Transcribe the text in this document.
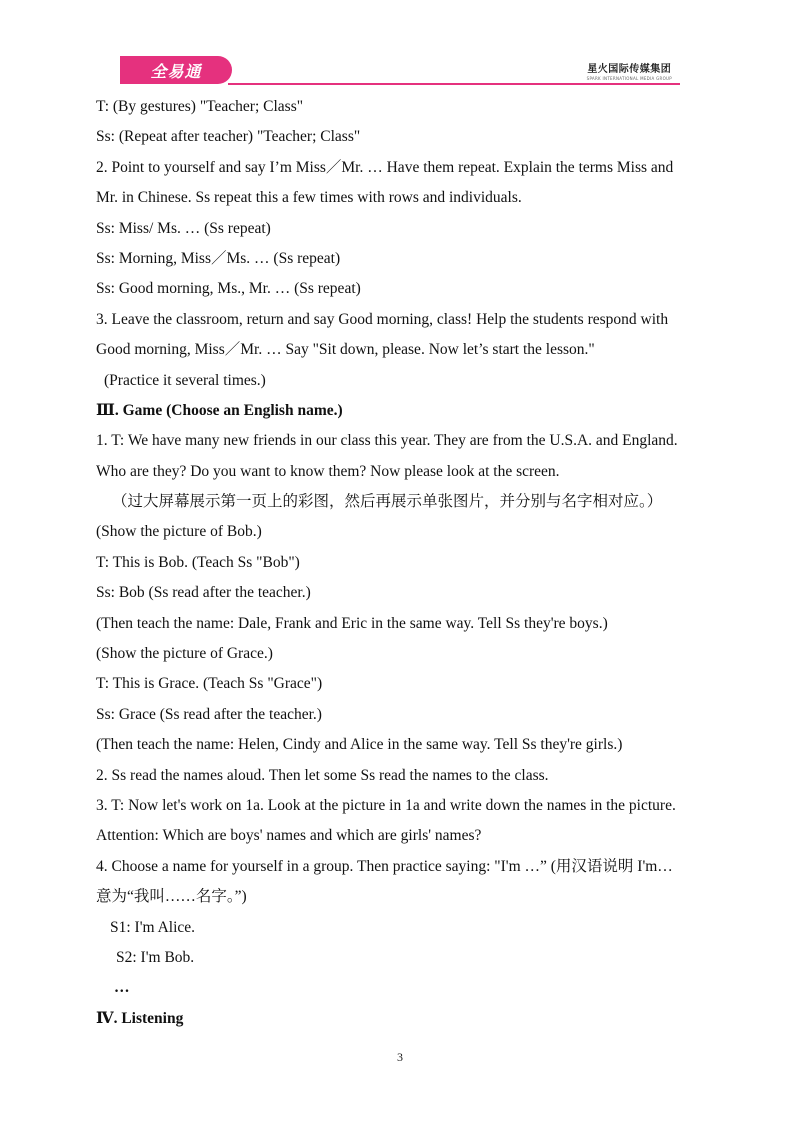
全易通	星火国际传媒集团
SPARK INTERNATIONAL MEDIA GROUP
T: (By gestures) "Teacher; Class"
Ss: (Repeat after teacher) "Teacher; Class"
2. Point to yourself and say I’m Miss／Mr. … Have them repeat. Explain the terms Miss and
Mr. in Chinese. Ss repeat this a few times with rows and individuals.
Ss: Miss/ Ms. … (Ss repeat)
Ss: Morning, Miss／Ms. … (Ss repeat)
Ss: Good morning, Ms., Mr. … (Ss repeat)
3. Leave the classroom, return and say Good morning, class! Help the students respond with
Good morning, Miss／Mr. … Say "Sit down, please. Now let’s start the lesson."
(Practice it several times.)
Ⅲ. Game (Choose an English name.)
1. T: We have many new friends in our class this year. They are from the U.S.A. and England.
Who are they? Do you want to know them? Now please look at the screen.
（过大屏幕展示第一页上的彩图，然后再展示单张图片，并分别与名字相对应。）
(Show the picture of Bob.)
T: This is Bob. (Teach Ss "Bob")
Ss: Bob (Ss read after the teacher.)
(Then teach the name: Dale, Frank and Eric in the same way. Tell Ss they're boys.)
(Show the picture of Grace.)
T: This is Grace. (Teach Ss "Grace")
Ss: Grace (Ss read after the teacher.)
(Then teach the name: Helen, Cindy and Alice in the same way. Tell Ss they're girls.)
2. Ss read the names aloud. Then let some Ss read the names to the class.
3. T: Now let's work on 1a. Look at the picture in 1a and write down the names in the picture.
Attention: Which are boys' names and which are girls' names?
4. Choose a name for yourself in a group. Then practice saying: "I'm …” (用汉语说明 I'm…
意为“我叫……名字。”)
S1: I'm Alice.
S2: I'm Bob.
…
Ⅳ. Listening
3
